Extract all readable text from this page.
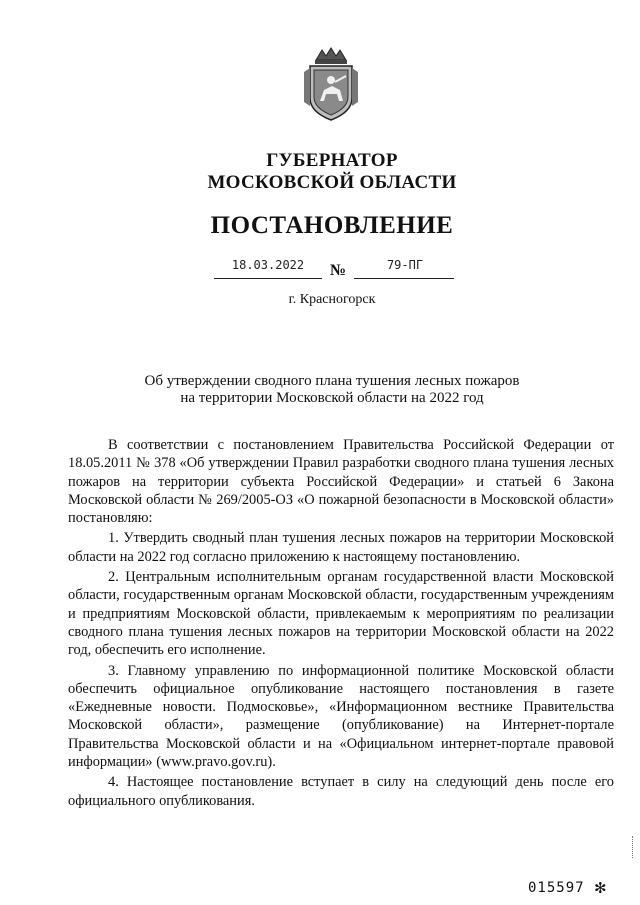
ГУБЕРНАТОР
МОСКОВСКОЙ ОБЛАСТИ
ПОСТАНОВЛЕНИЕ
18.03.2022	№	79-ПГ
г. Красногорск
Об утверждении сводного плана тушения лесных пожаров
на территории Московской области на 2022 год

В соответствии с постановлением Правительства Российской Федерации от 18.05.2011 № 378 «Об утверждении Правил разработки сводного плана тушения лесных пожаров на территории субъекта Российской Федерации» и статьей 6 Закона Московской области № 269/2005-ОЗ «О пожарной безопасности в Московской области» постановляю:

1. Утвердить сводный план тушения лесных пожаров на территории Московской области на 2022 год согласно приложению к настоящему постановлению.

2. Центральным исполнительным органам государственной власти Московской области, государственным органам Московской области, государственным учреждениям и предприятиям Московской области, привлекаемым к мероприятиям по реализации сводного плана тушения лесных пожаров на территории Московской области на 2022 год, обеспечить его исполнение.

3. Главному управлению по информационной политике Московской области обеспечить официальное опубликование настоящего постановления в газете «Ежедневные новости. Подмосковье», «Информационном вестнике Правительства Московской области», размещение (опубликование) на Интернет-портале Правительства Московской области и на «Официальном интернет-портале правовой информации» (www.pravo.gov.ru).

4. Настоящее постановление вступает в силу на следующий день после его официального опубликования.

015597 ✻
